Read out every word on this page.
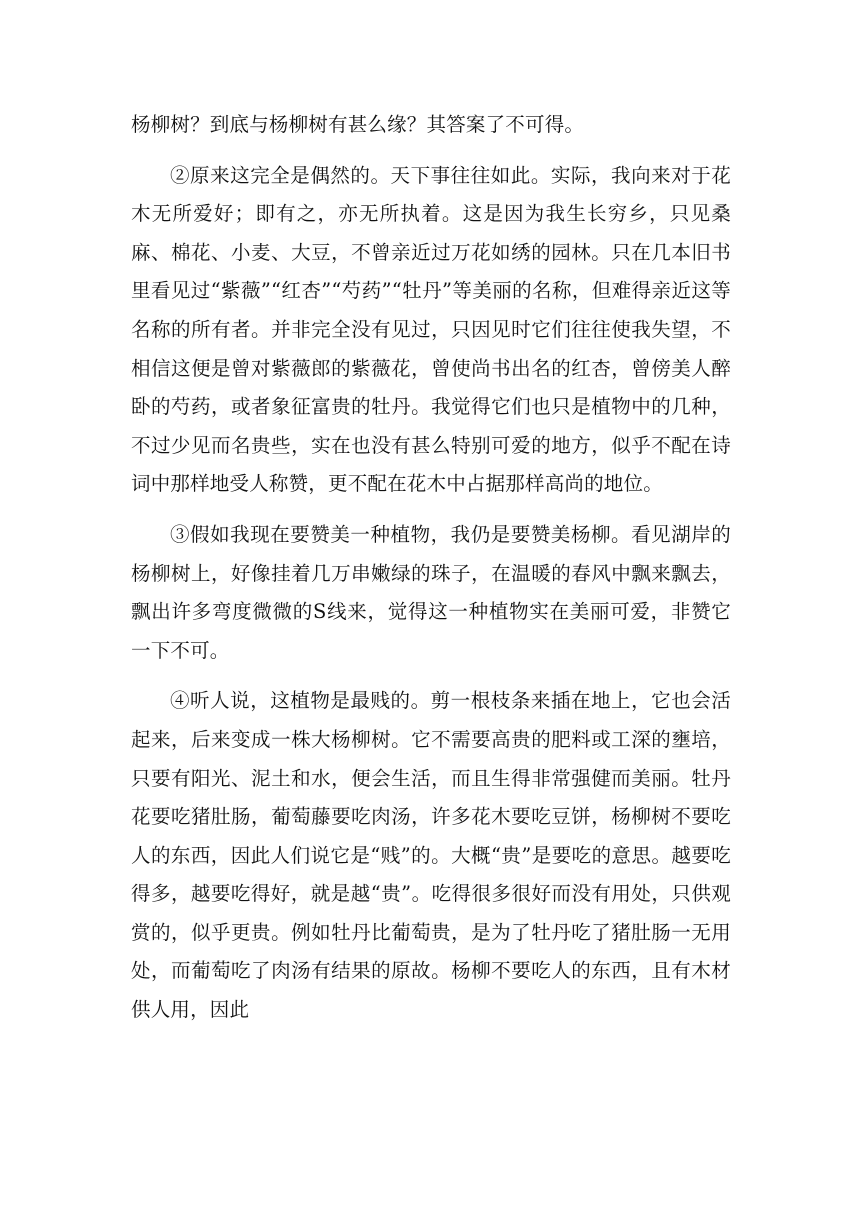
杨柳树？到底与杨柳树有甚么缘？其答案了不可得。

②原来这完全是偶然的。天下事往往如此。实际，我向来对于花木无所爱好；即有之，亦无所执着。这是因为我生长穷乡，只见桑麻、棉花、小麦、大豆，不曾亲近过万花如绣的园林。只在几本旧书里看见过“紫薇”“红杏”“芍药”“牡丹”等美丽的名称，但难得亲近这等名称的所有者。并非完全没有见过，只因见时它们往往使我失望，不相信这便是曾对紫薇郎的紫薇花，曾使尚书出名的红杏，曾傍美人醉卧的芍药，或者象征富贵的牡丹。我觉得它们也只是植物中的几种，不过少见而名贵些，实在也没有甚么特别可爱的地方，似乎不配在诗词中那样地受人称赞，更不配在花木中占据那样高尚的地位。

③假如我现在要赞美一种植物，我仍是要赞美杨柳。看见湖岸的杨柳树上，好像挂着几万串嫩绿的珠子，在温暖的春风中飘来飘去，飘出许多弯度微微的S线来，觉得这一种植物实在美丽可爱，非赞它一下不可。

④听人说，这植物是最贱的。剪一根枝条来插在地上，它也会活起来，后来变成一株大杨柳树。它不需要高贵的肥料或工深的壅培，只要有阳光、泥土和水，便会生活，而且生得非常强健而美丽。牡丹花要吃猪肚肠，葡萄藤要吃肉汤，许多花木要吃豆饼，杨柳树不要吃人的东西，因此人们说它是“贱”的。大概“贵”是要吃的意思。越要吃得多，越要吃得好，就是越“贵”。吃得很多很好而没有用处，只供观赏的，似乎更贵。例如牡丹比葡萄贵，是为了牡丹吃了猪肚肠一无用处，而葡萄吃了肉汤有结果的原故。杨柳不要吃人的东西，且有木材供人用，因此
